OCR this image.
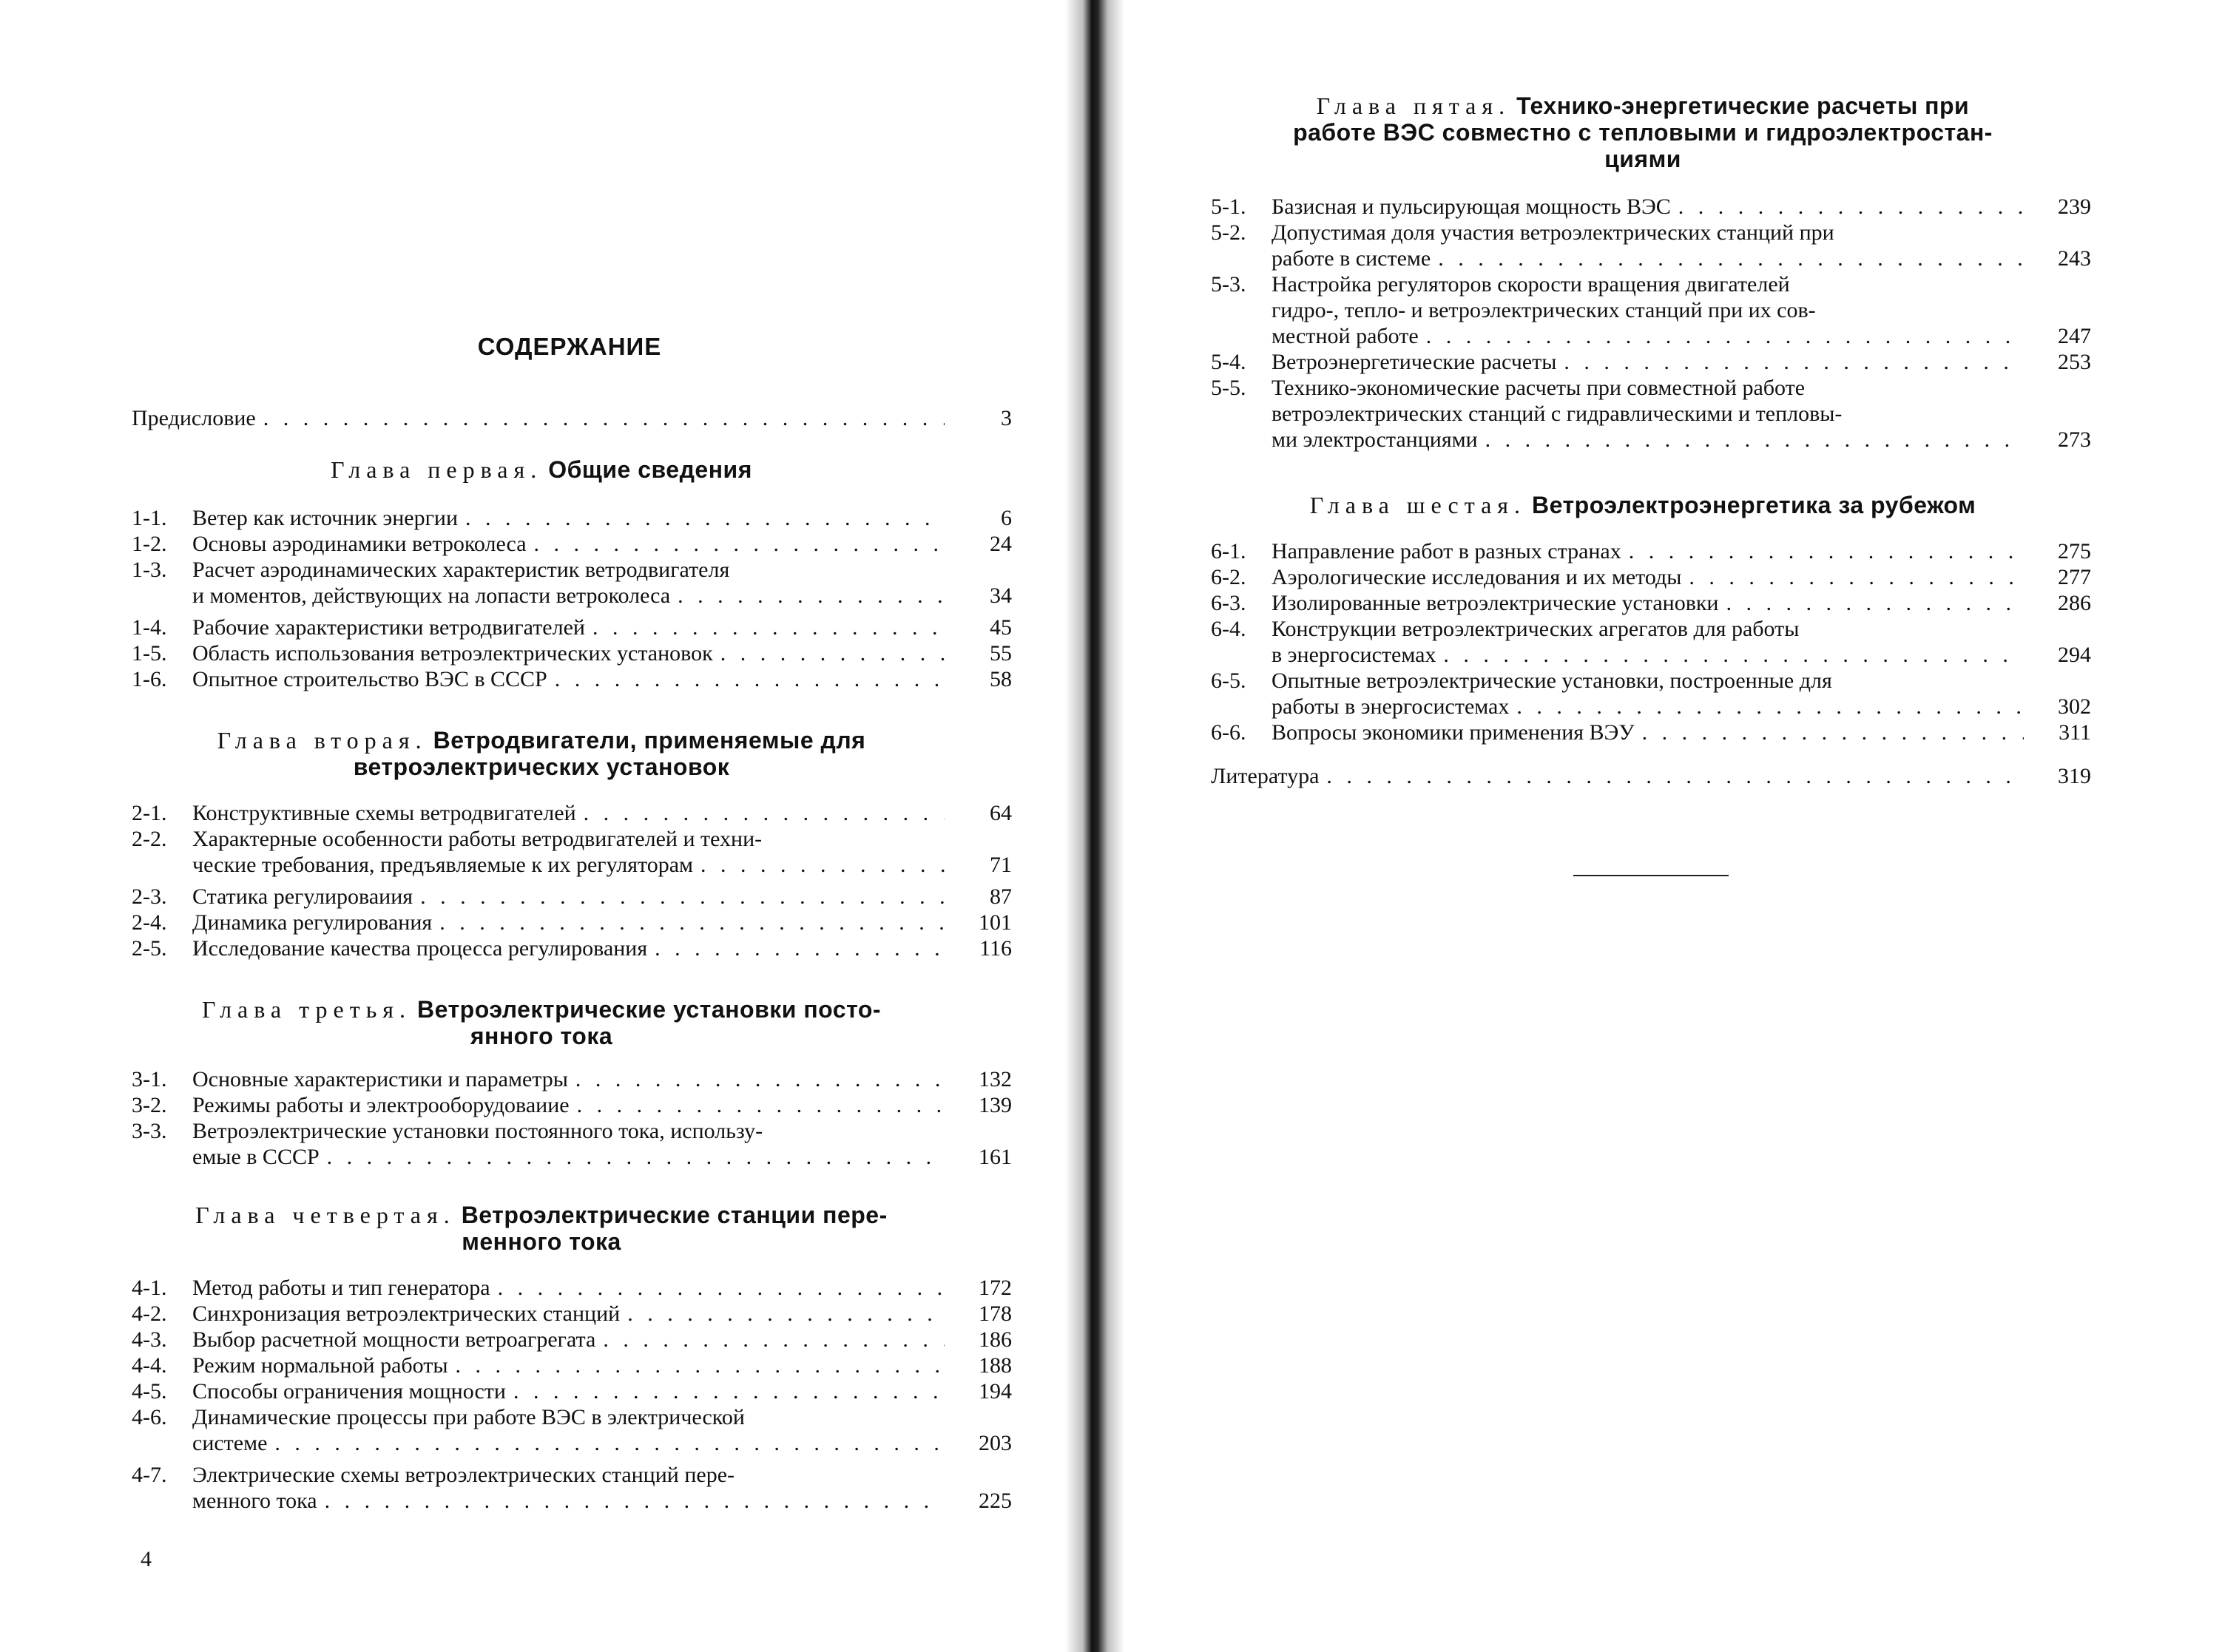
СОДЕРЖАНИЕ
Предисловие . . .	3
Глава первая. Общие сведения
1-1. Ветер как источник энергии . . .	6
1-2. Основы аэродинамики ветроколеса . . .	24
1-3. Расчет аэродинамических характеристик ветродвигателя
и моментов, действующих на лопасти ветроколеса . . .	34
1-4. Рабочие характеристики ветродвигателей . . .	45
1-5. Область использования ветроэлектрических установок . . .	55
1-6. Опытное строительство ВЭС в СССР . . .	58
Глава вторая. Ветродвигатели, применяемые для
ветроэлектрических установок
2-1. Конструктивные схемы ветродвигателей . . .	64
2-2. Характерные особенности работы ветродвигателей и техни-
ческие требования, предъявляемые к их регуляторам . . .	71
2-3. Статика регулироваиия . . .	87
2-4. Динамика регулирования . . .	101
2-5. Исследование качества процесса регулирования . . .	116
Глава третья. Ветроэлектрические установки посто-
янного тока
3-1. Основные характеристики и параметры . . .	132
3-2. Режимы работы и электрооборудоваиие . . .	139
3-3. Ветроэлектрические установки постоянного тока, использу-
емые в СССР . . .	161
Глава четвертая. Ветроэлектрические станции пере-
менного тока
4-1. Метод работы и тип генератора . . .	172
4-2. Синхронизация ветроэлектрических станций . . .	178
4-3. Выбор расчетной мощности ветроагрегата . . .	186
4-4. Режим нормальной работы . . .	188
4-5. Способы ограничения мощности . . .	194
4-6. Динамические процессы при работе ВЭС в электрической
системе . . .	203
4-7. Электрические схемы ветроэлектрических станций пере-
менного тока . . .	225
4
Глава пятая. Технико-энергетические расчеты при
работе ВЭС совместно с тепловыми и гидроэлектростан-
циями
5-1. Базисная и пульсирующая мощность ВЭС . . .	239
5-2. Допустимая доля участия ветроэлектрических станций при
работе в системе . . .	243
5-3. Настройка регуляторов скорости вращения двигателей
гидро-, тепло- и ветроэлектрических станций при их сов-
местной работе . . .	247
5-4. Ветроэнергетические расчеты . . .	253
5-5. Технико-экономические расчеты при совместной работе
ветроэлектрических станций с гидравлическими и тепловы-
ми электростанциями . . .	273
Глава шестая. Ветроэлектроэнергетика за рубежом
6-1. Направление работ в разных странах . . .	275
6-2. Аэрологические исследования и их методы . . .	277
6-3. Изолированные ветроэлектрические установки . . .	286
6-4. Конструкции ветроэлектрических агрегатов для работы
в энергосистемах . . .	294
6-5. Опытные ветроэлектрические установки, построенные для
работы в энергосистемах . . .	302
6-6. Вопросы экономики применения ВЭУ . . .	311
Литература . . .	319
